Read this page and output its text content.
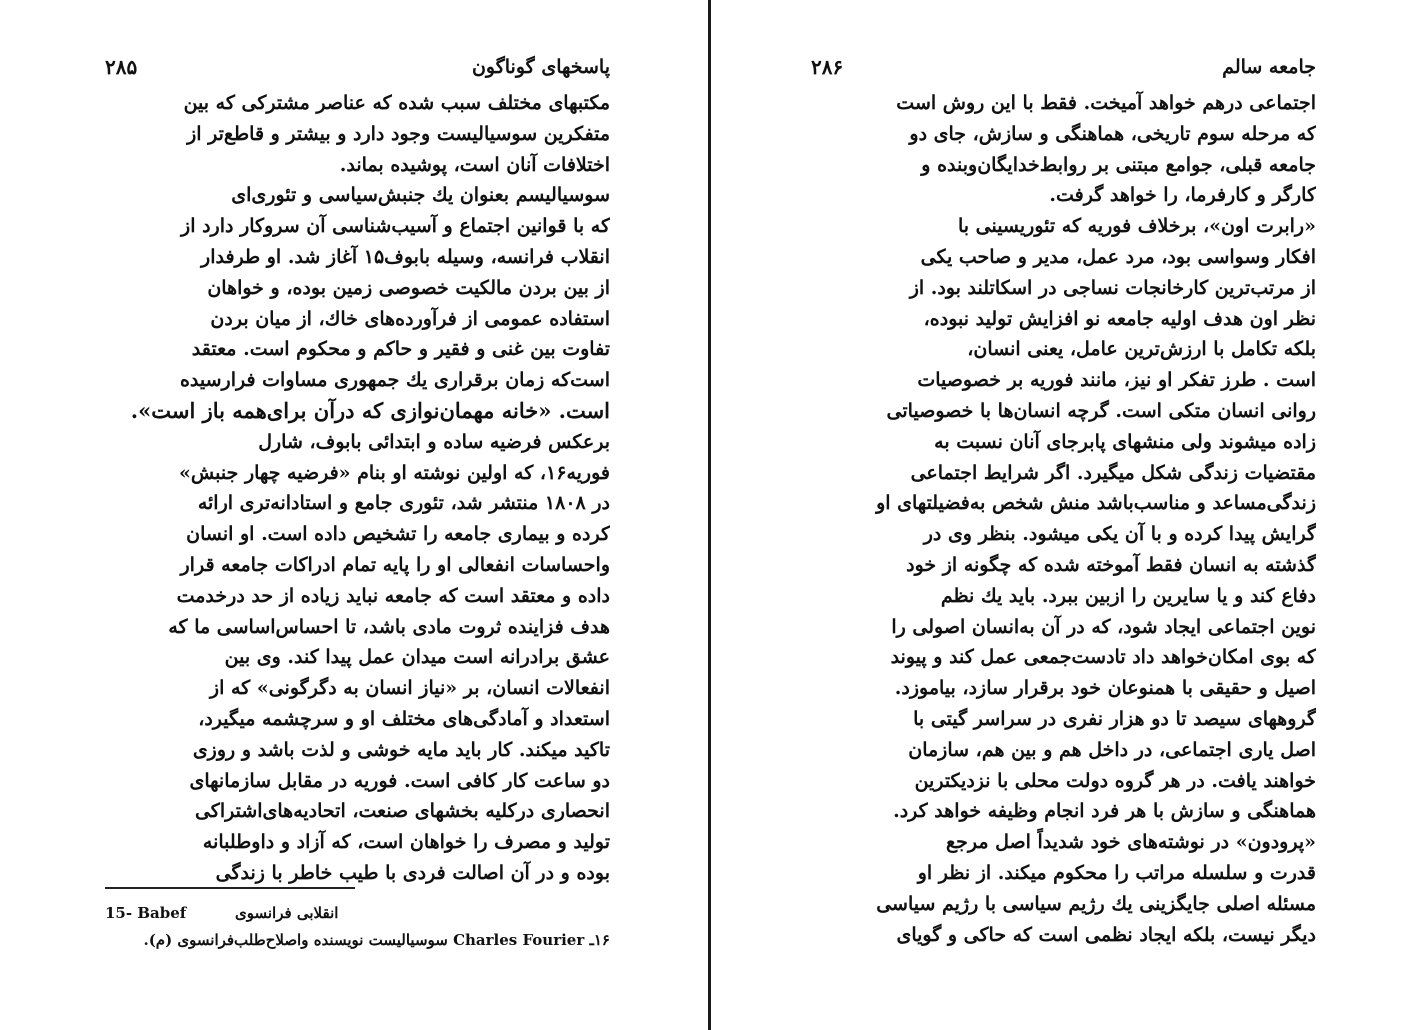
۲۸۵	پاسخهای گوناگون
مکتبهای مختلف سبب شده که عناصر مشترکی که بین
متفکرین سوسیالیست وجود دارد و بیشتر و قاطع‌تر از
اختلافات آنان است، پوشیده بماند.
سوسیالیسم بعنوان یك جنبش‌سیاسی و تئوری‌ای
که با قوانین اجتماع و آسیب‌شناسی آن سروکار دارد از
انقلاب فرانسه، وسیله بابوف۱۵ آغاز شد. او طرفدار
از بین بردن مالکیت خصوصی زمین بوده، و خواهان
استفاده عمومی از فرآورده‌های خاك، از میان بردن
تفاوت بین غنی و فقیر و حاکم و محکوم است. معتقد
است‌که زمان برقراری یك جمهوری مساوات فرارسیده
است. «خانه مهمان‌نوازی که درآن برای‌همه باز است».
برعکس فرضیه ساده و ابتدائی بابوف، شارل
فوریه۱۶، که اولین نوشته او بنام «فرضیه چهار جنبش»
در ۱۸۰۸ منتشر شد، تئوری جامع و استادانه‌تری ارائه
کرده و بیماری جامعه را تشخیص داده است. او انسان
واحساسات انفعالی او را پایه تمام ادراکات جامعه قرار
داده و معتقد است که جامعه نباید زیاده از حد درخدمت
هدف فزاینده ثروت مادی باشد، تا احساس‌اساسی ما که
عشق برادرانه است میدان عمل پیدا کند. وی بین
انفعالات انسان، بر «نیاز انسان به دگرگونی» که از
استعداد و آمادگی‌های مختلف او و سرچشمه میگیرد،
تاکید میکند. کار باید مایه خوشی و لذت باشد و روزی
دو ساعت کار کافی است. فوریه در مقابل سازمانهای
انحصاری درکلیه بخشهای صنعت، اتحادیه‌های‌اشتراکی
تولید و مصرف را خواهان است، که آزاد و داوطلبانه
بوده و در آن اصالت فردی با طیب خاطر با زندگی
15- Babef	انقلابی فرانسوی
۱۶ـ Charles Fourier سوسیالیست نویسنده واصلاح‌طلب‌فرانسوی (م).
۲۸۶	جامعه سالم
اجتماعی درهم خواهد آمیخت. فقط با این روش است
که مرحله سوم تاریخی، هماهنگی و سازش، جای دو
جامعه قبلی، جوامع مبتنی بر روابط‌خدایگان‌وبنده و
کارگر و کارفرما، را خواهد گرفت.
«رابرت اون»، برخلاف فوریه که تئوریسینی با
افکار وسواسی بود، مرد عمل، مدیر و صاحب یکی
از مرتب‌ترین کارخانجات نساجی در اسکاتلند بود. از
نظر اون هدف اولیه جامعه نو افزایش تولید نبوده،
بلکه تکامل با ارزش‌ترین عامل، یعنی انسان،
است . طرز تفکر او نیز، مانند فوریه بر خصوصیات
روانی انسان متکی است. گرچه انسان‌ها با خصوصیاتی
زاده میشوند ولی منشهای پابرجای آنان نسبت به
مقتضیات زندگی شکل میگیرد. اگر شرایط اجتماعی
زندگی‌مساعد و مناسب‌باشد منش شخص به‌فضیلتهای او
گرایش پیدا کرده و با آن یکی میشود. بنظر وی در
گذشته به انسان فقط آموخته شده که چگونه از خود
دفاع کند و یا سایرین را ازبین ببرد. باید یك نظم
نوین اجتماعی ایجاد شود، که در آن به‌انسان اصولی را
که بوی امکان‌خواهد داد تادست‌جمعی عمل کند و پیوند
اصیل و حقیقی با همنوعان خود برقرار سازد، بیاموزد.
گروههای سیصد تا دو هزار نفری در سراسر گیتی با
اصل یاری اجتماعی، در داخل هم و بین هم، سازمان
خواهند یافت. در هر گروه دولت محلی با نزدیکترین
هماهنگی و سازش با هر فرد انجام وظیفه خواهد کرد.
«پرودون» در نوشته‌های خود شدیداً اصل مرجع
قدرت و سلسله مراتب را محکوم میکند. از نظر او
مسئله اصلی جایگزینی یك رژیم سیاسی با رژیم سیاسی
دیگر نیست، بلکه ایجاد نظمی است که حاکی و گویای
